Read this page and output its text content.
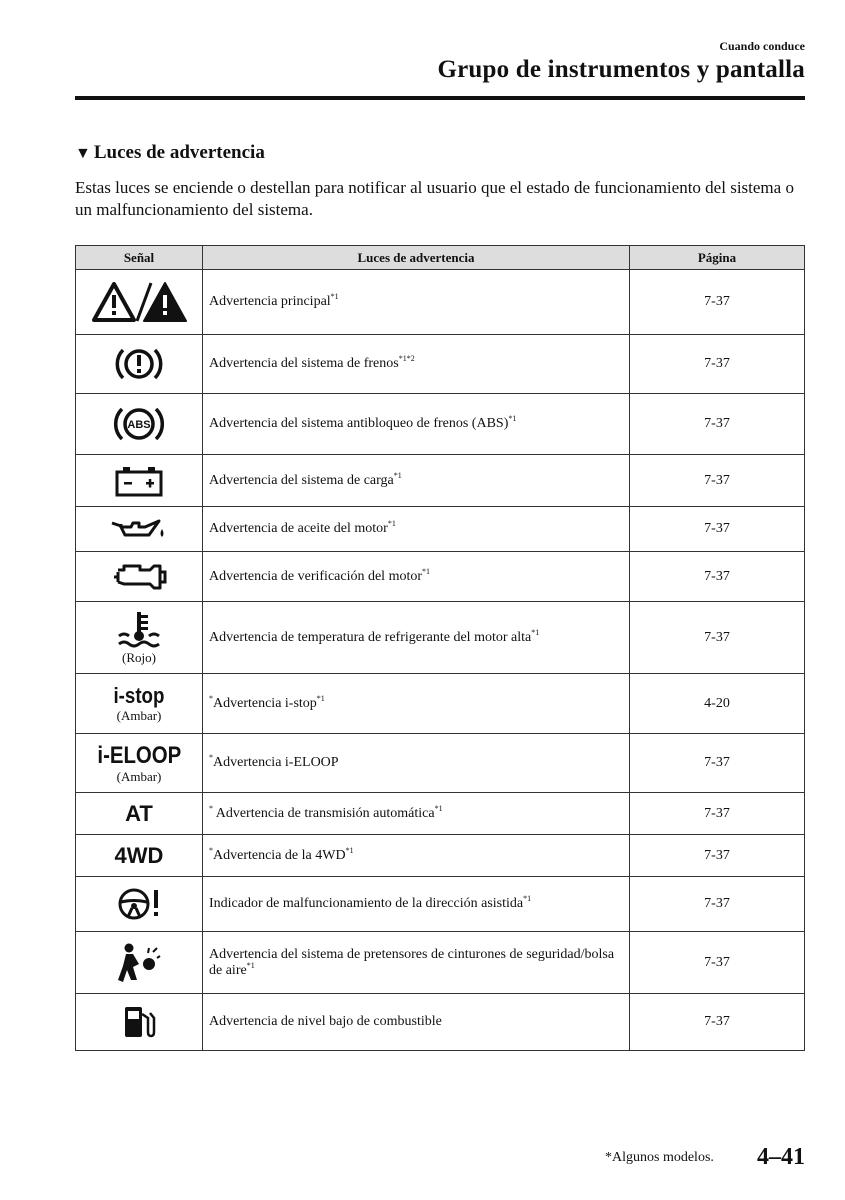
Cuando conduce
Grupo de instrumentos y pantalla
▼ Luces de advertencia
Estas luces se enciende o destellan para notificar al usuario que el estado de funcionamiento del sistema o un malfuncionamiento del sistema.
Señal	Luces de advertencia	Página

	Advertencia principal$^{*1}$	7-37

	Advertencia del sistema de frenos$^{*1*2}$	7-37

ABS	Advertencia del sistema antibloqueo de frenos (ABS)$^{*1}$	7-37

	Advertencia del sistema de carga$^{*1}$	7-37

	Advertencia de aceite del motor$^{*1}$	7-37

	Advertencia de verificación del motor$^{*1}$	7-37

(Rojo)	Advertencia de temperatura de refrigerante del motor alta$^{*1}$	7-37

i-stop
(Ambar)	*Advertencia i-stop$^{*1}$	4-20

i-ELOOP
(Ambar)	*Advertencia i-ELOOP	7-37

AT	* Advertencia de transmisión automática$^{*1}$	7-37

4WD	*Advertencia de la 4WD$^{*1}$	7-37

	Indicador de malfuncionamiento de la dirección asistida$^{*1}$	7-37

	Advertencia del sistema de pretensores de cinturones de seguridad/bolsa de aire$^{*1}$	7-37

	Advertencia de nivel bajo de combustible	7-37
*Algunos modelos. 4–41
